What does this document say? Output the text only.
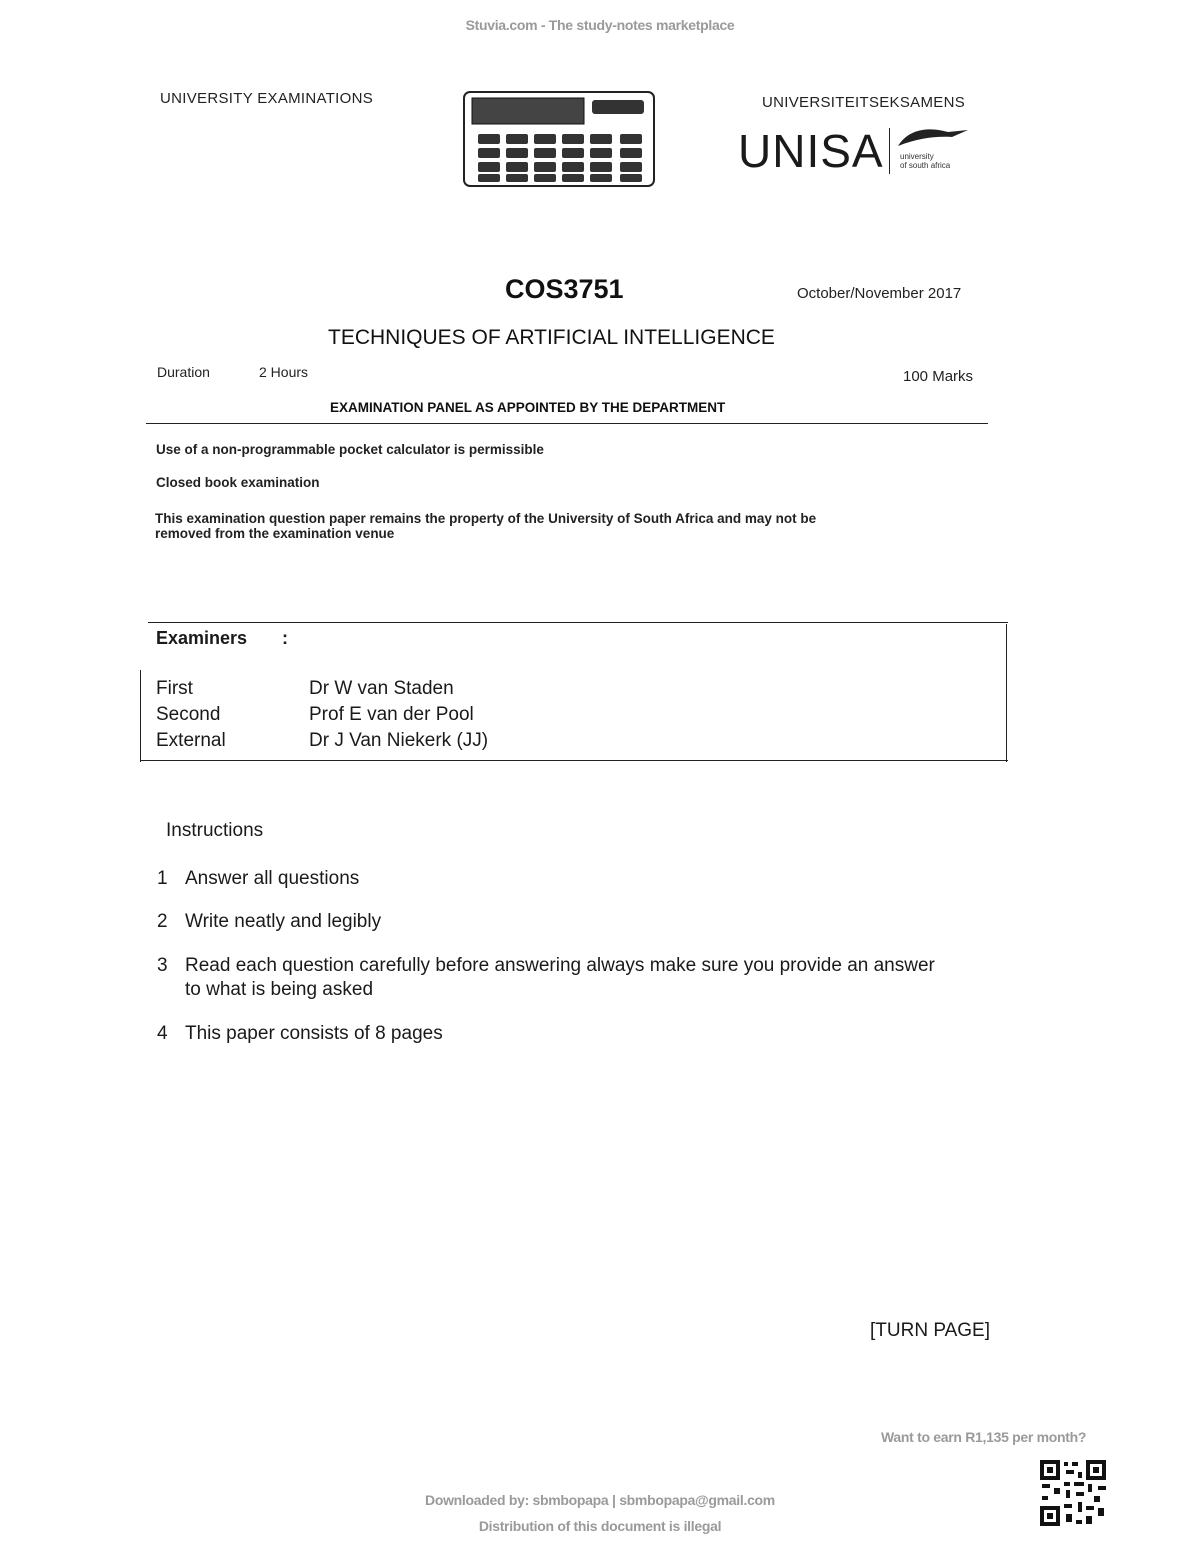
Stuvia.com - The study-notes marketplace
UNIVERSITY EXAMINATIONS	UNIVERSITEITSEKSAMENS
UNISA university
of south africa
COS3751	October/November 2017
TECHNIQUES OF ARTIFICIAL INTELLIGENCE
Duration	2 Hours	100 Marks
EXAMINATION PANEL AS APPOINTED BY THE DEPARTMENT
Use of a non-programmable pocket calculator is permissible
Closed book examination
This examination question paper remains the property of the University of South Africa and may not be
removed from the examination venue
Examiners :
First	Dr W van Staden
Second	Prof E van der Pool
External	Dr J Van Niekerk (JJ)
Instructions
1 Answer all questions
2 Write neatly and legibly
3 Read each question carefully before answering always make sure you provide an answer
to what is being asked
4 This paper consists of 8 pages
[TURN PAGE]
Want to earn R1,135 per month?
Downloaded by: sbmbopapa | sbmbopapa@gmail.com
Distribution of this document is illegal
